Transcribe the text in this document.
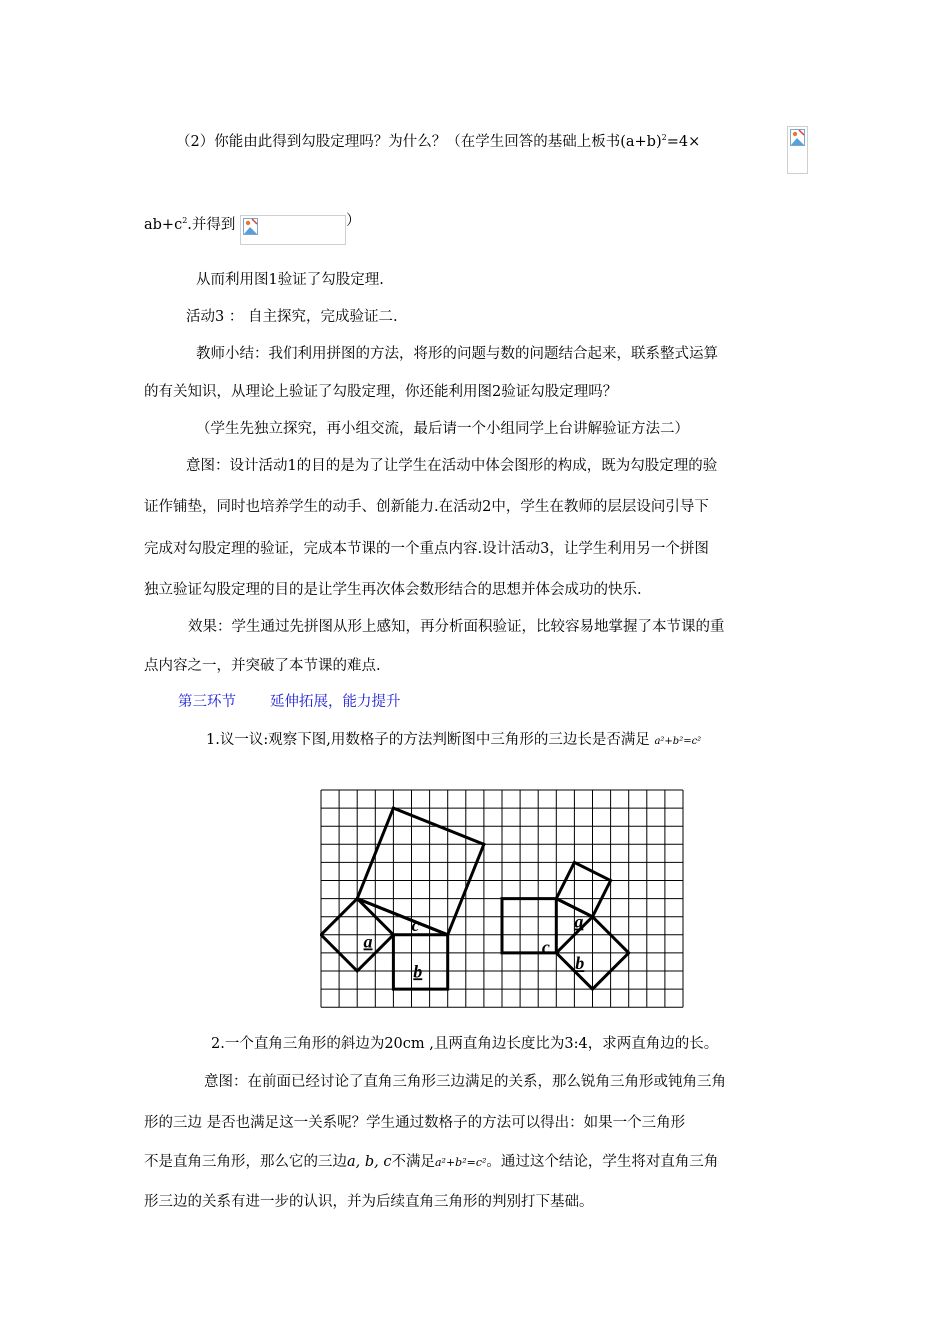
（2）你能由此得到勾股定理吗？为什么？（在学生回答的基础上板书$(a+b)^2=4\times$
$ab+c^2$.并得到	）
从而利用图1验证了勾股定理.
活动3 ： 自主探究，完成验证二.
教师小结：我们利用拼图的方法，将形的问题与数的问题结合起来，联系整式运算
的有关知识，从理论上验证了勾股定理，你还能利用图2验证勾股定理吗？
（学生先独立探究，再小组交流，最后请一个小组同学上台讲解验证方法二）
意图：设计活动1的目的是为了让学生在活动中体会图形的构成，既为勾股定理的验
证作铺垫，同时也培养学生的动手、创新能力.在活动2中，学生在教师的层层设问引导下
完成对勾股定理的验证，完成本节课的一个重点内容.设计活动3，让学生利用另一个拼图
独立验证勾股定理的目的是让学生再次体会数形结合的思想并体会成功的快乐.
效果：学生通过先拼图从形上感知，再分析面积验证，比较容易地掌握了本节课的重
点内容之一，并突破了本节课的难点.
第三环节 延伸拓展，能力提升
1.议一议:观察下图,用数格子的方法判断图中三角形的三边长是否满足 a²+b²=c²
a
b
c	a
b
c
2.一个直角三角形的斜边为20cm ,且两直角边长度比为3:4，求两直角边的长。
意图：在前面已经讨论了直角三角形三边满足的关系，那么锐角三角形或钝角三角
形的三边 是否也满足这一关系呢？学生通过数格子的方法可以得出：如果一个三角形
不是直角三角形，那么它的三边a, b, c不满足a²+b²=c²。通过这个结论，学生将对直角三角
形三边的关系有进一步的认识，并为后续直角三角形的判别打下基础。
